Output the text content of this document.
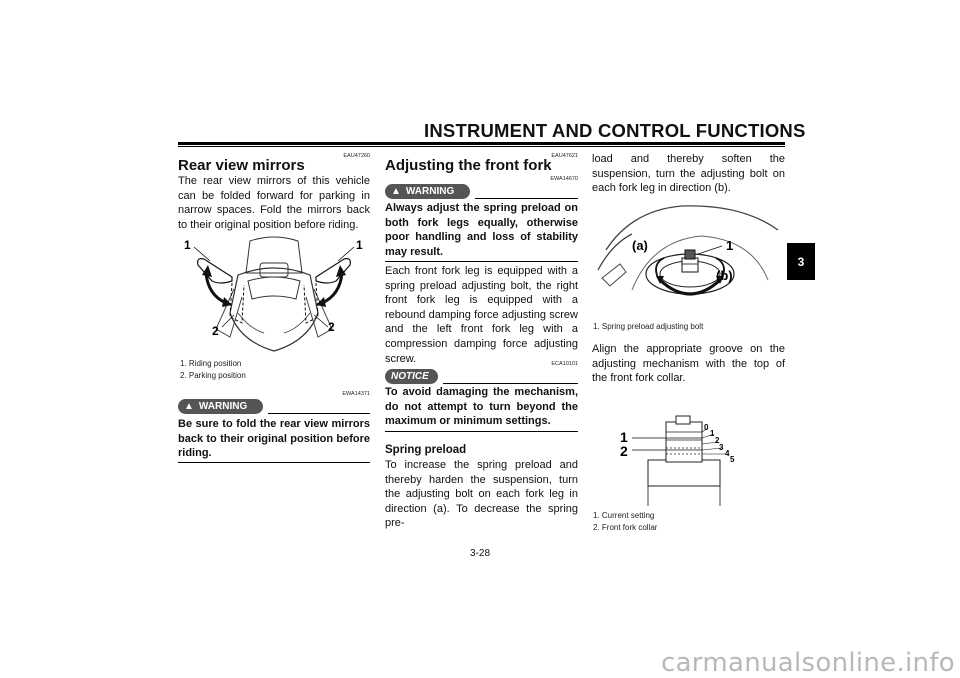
INSTRUMENT AND CONTROL FUNCTIONS
3
EAU47260
Rear view mirrors
The rear view mirrors of this vehicle can be folded forward for parking in narrow spaces. Fold the mirrors back to their original position before riding.
1	1
2	2
1. Riding position
2. Parking position
EWA14371
▲ WARNING
Be sure to fold the rear view mirrors back to their original position before riding.
EAU47621
Adjusting the front fork
▲ WARNING
EWA14670
Always adjust the spring preload on both fork legs equally, otherwise poor handling and loss of stability may result.
Each front fork leg is equipped with a spring preload adjusting bolt, the right front fork leg is equipped with a rebound damping force adjusting screw and the left front fork leg with a compression damping force adjusting screw.	ECA10101
NOTICE
To avoid damaging the mechanism, do not attempt to turn beyond the maximum or minimum settings.
Spring preload
To increase the spring preload and thereby harden the suspension, turn the adjusting bolt on each fork leg in direction (a). To decrease the spring pre-
load and thereby soften the suspension, turn the adjusting bolt on each fork leg in direction (b).
(a)
(b)
1
1. Spring preload adjusting bolt
Align the appropriate groove on the adjusting mechanism with the top of the front fork collar.
1
2
0
1
2
3
4
5
1. Current setting
2. Front fork collar
3-28
carmanualsonline.info
